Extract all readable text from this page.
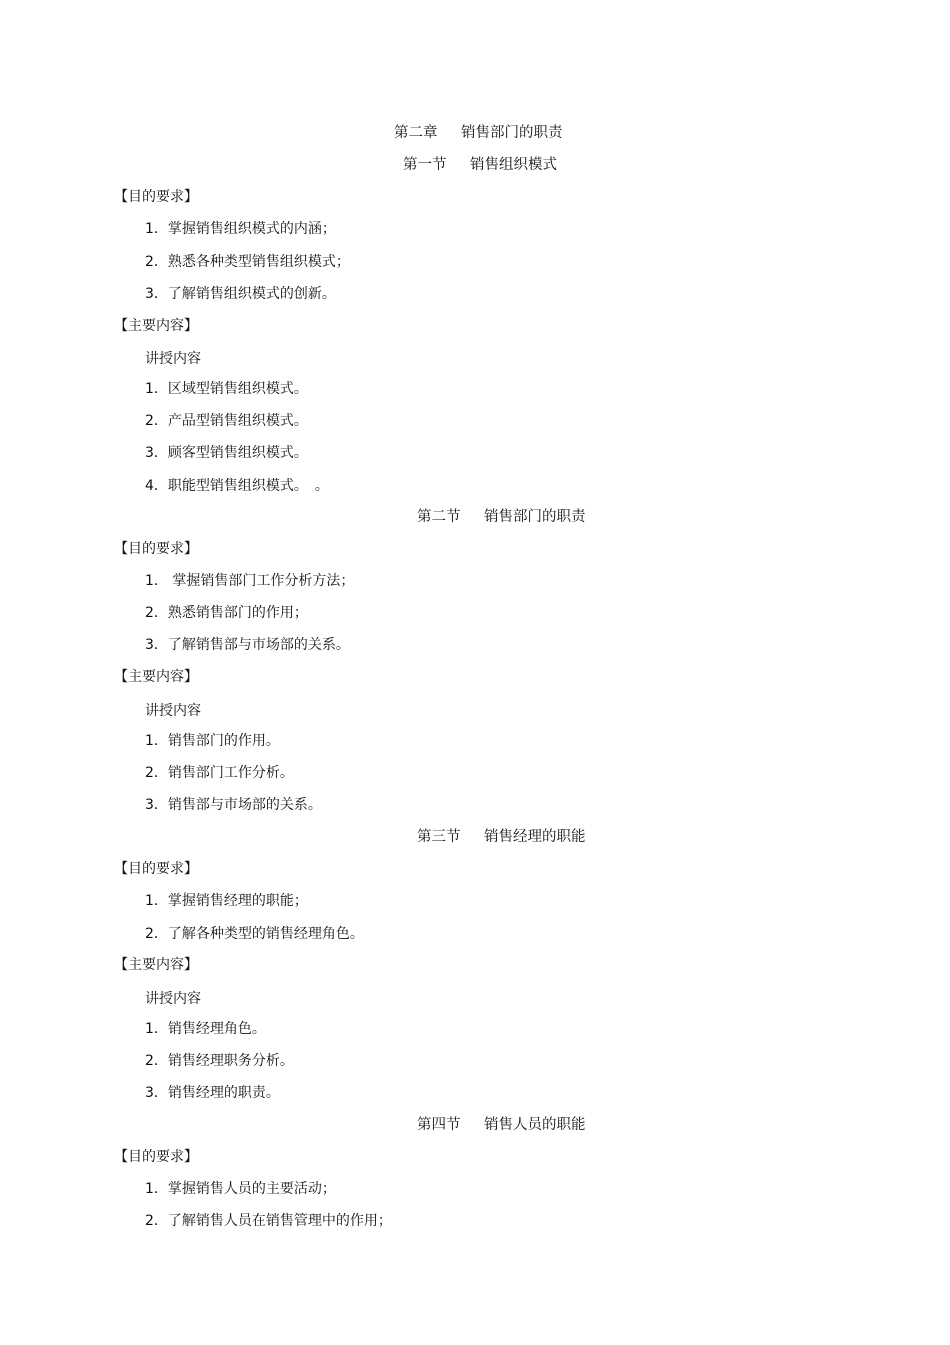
第二章 销售部门的职责
第一节 销售组织模式
【目的要求】
1．掌握销售组织模式的内涵；
2．熟悉各种类型销售组织模式；
3．了解销售组织模式的创新。
【主要内容】
讲授内容
1．区域型销售组织模式。
2．产品型销售组织模式。
3．顾客型销售组织模式。
4．职能型销售组织模式。　。
第二节 销售部门的职责
【目的要求】
1． 掌握销售部门工作分析方法；
2．熟悉销售部门的作用；
3．了解销售部与市场部的关系。
【主要内容】
讲授内容
1．销售部门的作用。
2．销售部门工作分析。
3．销售部与市场部的关系。
第三节 销售经理的职能
【目的要求】
1．掌握销售经理的职能；
2．了解各种类型的销售经理角色。
【主要内容】
讲授内容
1．销售经理角色。
2．销售经理职务分析。
3．销售经理的职责。
第四节 销售人员的职能
【目的要求】
1．掌握销售人员的主要活动；
2．了解销售人员在销售管理中的作用；
